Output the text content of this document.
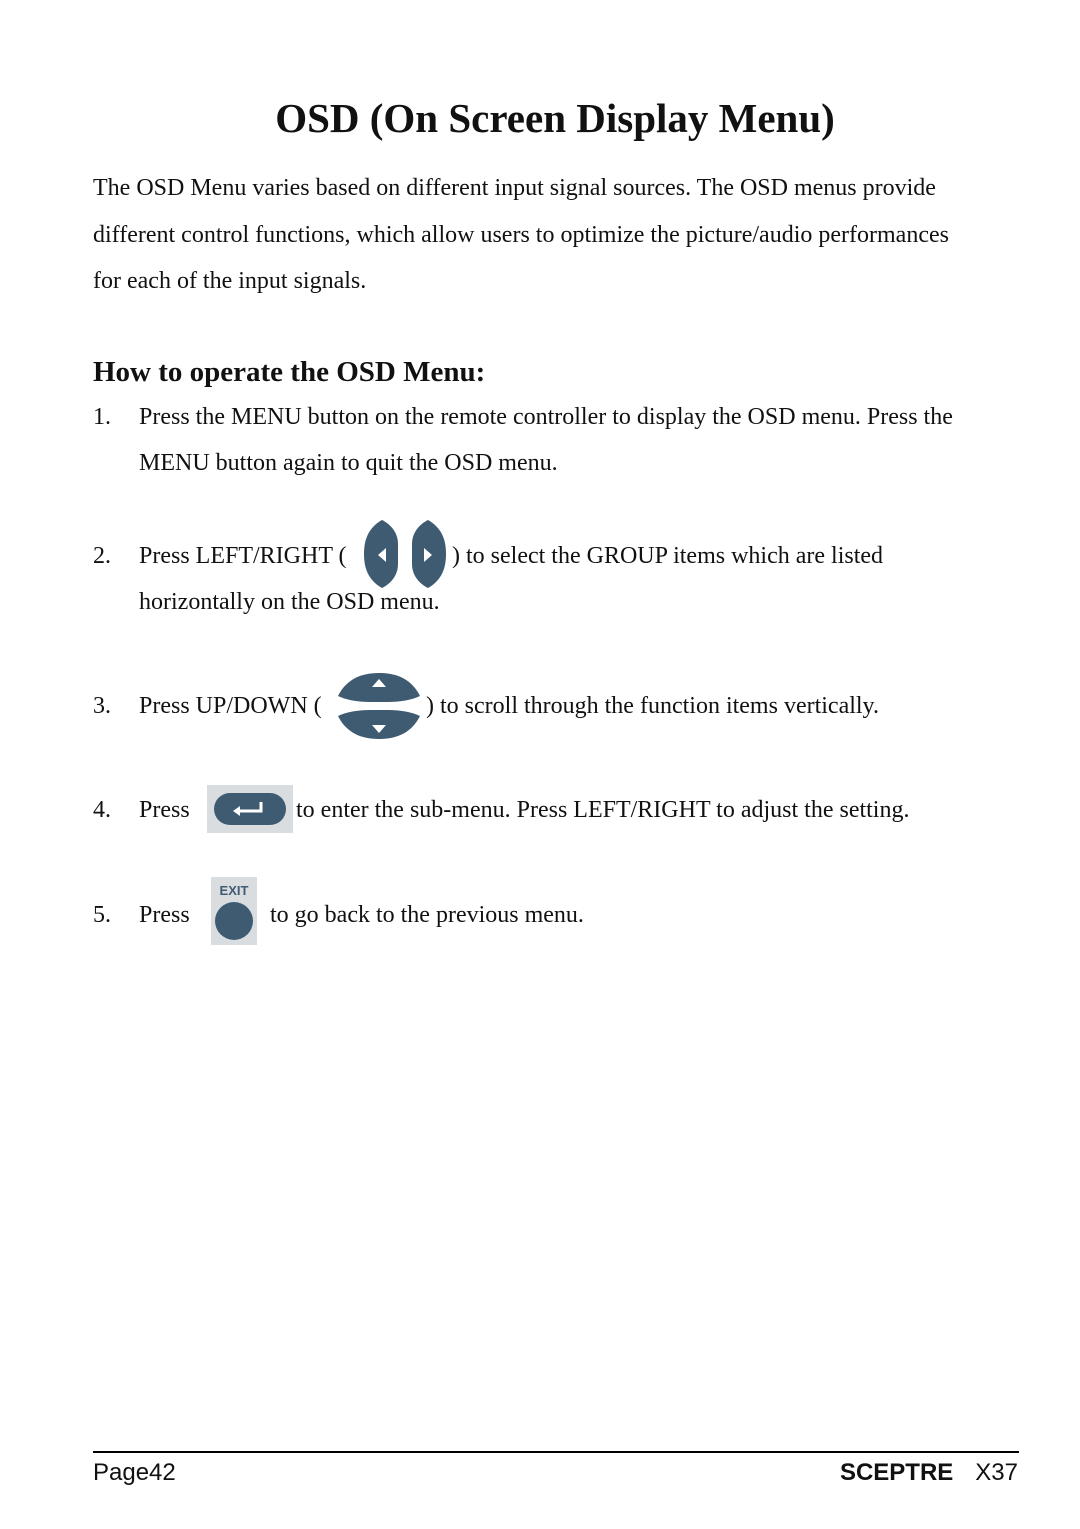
OSD (On Screen Display Menu)
The OSD Menu varies based on different input signal sources. The OSD menus provide
different control functions, which allow users to optimize the picture/audio performances
for each of the input signals.
How to operate the OSD Menu:
1. Press the MENU button on the remote controller to display the OSD menu. Press the
MENU button again to quit the OSD menu.
2. Press LEFT/RIGHT (	) to select the GROUP items which are listed
horizontally on the OSD menu.
3. Press UP/DOWN (	) to scroll through the function items vertically.
4. Press	to enter the sub-menu. Press LEFT/RIGHT to adjust the setting.
5. Press
EXIT
to go back to the previous menu.
Page42	SCEPTRE X37
